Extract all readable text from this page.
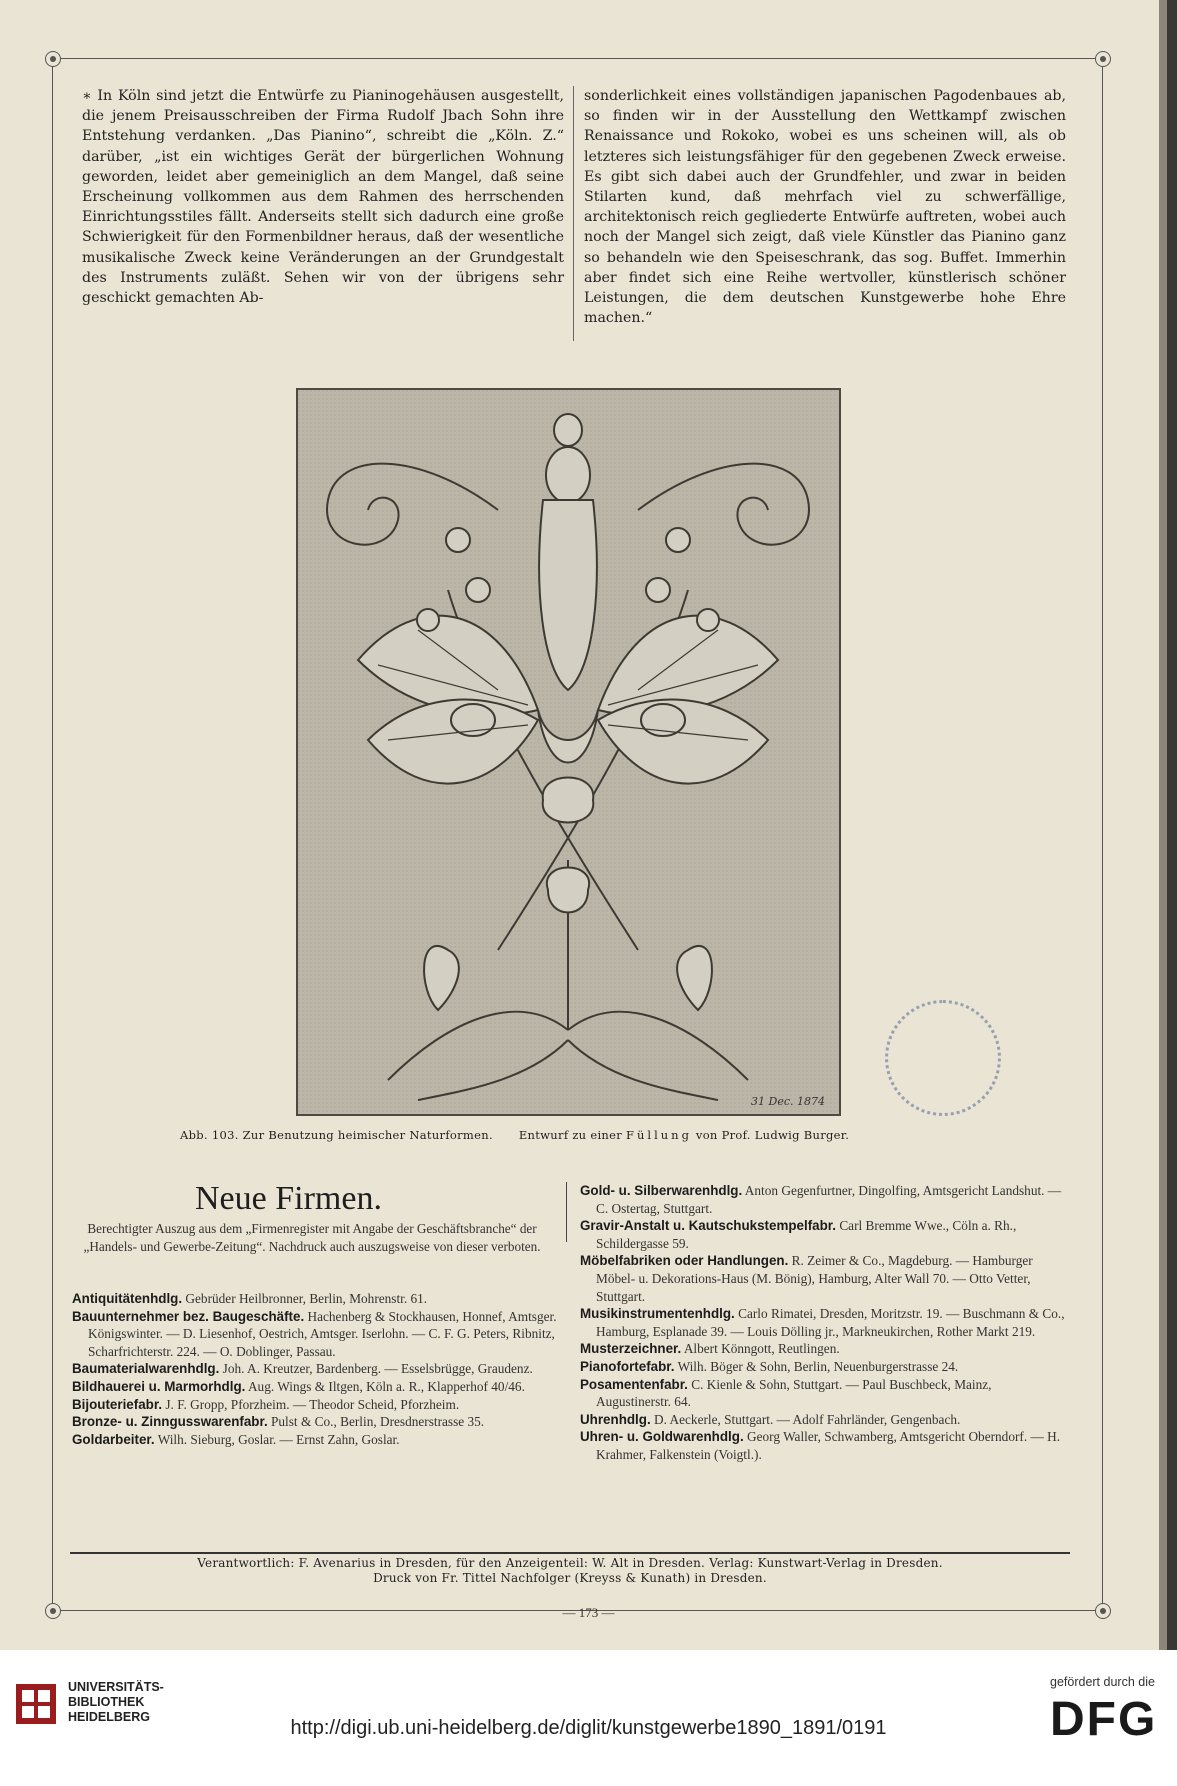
∗ In Köln sind jetzt die Entwürfe zu Pianinogehäusen ausgestellt, die jenem Preisausschreiben der Firma Rudolf Jbach Sohn ihre Entstehung verdanken. „Das Pianino“, schreibt die „Köln. Z.“ darüber, „ist ein wichtiges Gerät der bürgerlichen Wohnung geworden, leidet aber gemeiniglich an dem Mangel, daß seine Erscheinung vollkommen aus dem Rahmen des herrschenden Einrichtungsstiles fällt. Anderseits stellt sich dadurch eine große Schwierigkeit für den Formenbildner heraus, daß der wesentliche musikalische Zweck keine Veränderungen an der Grundgestalt des Instruments zuläßt. Sehen wir von der übrigens sehr geschickt gemachten Ab-
sonderlichkeit eines vollständigen japanischen Pagodenbaues ab, so finden wir in der Ausstellung den Wettkampf zwischen Renaissance und Rokoko, wobei es uns scheinen will, als ob letzteres sich leistungsfähiger für den gegebenen Zweck erweise. Es gibt sich dabei auch der Grundfehler, und zwar in beiden Stilarten kund, daß mehrfach viel zu schwerfällige, architektonisch reich gegliederte Entwürfe auftreten, wobei auch noch der Mangel sich zeigt, daß viele Künstler das Pianino ganz so behandeln wie den Speiseschrank, das sog. Buffet. Immerhin aber findet sich eine Reihe wertvoller, künstlerisch schöner Leistungen, die dem deutschen Kunstgewerbe hohe Ehre machen.“
31 Dec. 1874
Abb. 103. Zur Benutzung heimischer Naturformen. Entwurf zu einer Füllung von Prof. Ludwig Burger.
Neue Firmen.
Berechtigter Auszug aus dem „Firmenregister mit Angabe der Geschäftsbranche“ der „Handels- und Gewerbe-Zeitung“. Nachdruck auch auszugsweise von dieser verboten.

Antiquitätenhdlg. Gebrüder Heilbronner, Berlin, Mohrenstr. 61.

Bauunternehmer bez. Baugeschäfte. Hachenberg & Stockhausen, Honnef, Amtsger. Königswinter. — D. Liesenhof, Oestrich, Amtsger. Iserlohn. — C. F. G. Peters, Ribnitz, Scharfrichterstr. 224. — O. Doblinger, Passau.

Baumaterialwarenhdlg. Joh. A. Kreutzer, Bardenberg. — Esselsbrügge, Graudenz.

Bildhauerei u. Marmorhdlg. Aug. Wings & Iltgen, Köln a. R., Klapperhof 40/46.

Bijouteriefabr. J. F. Gropp, Pforzheim. — Theodor Scheid, Pforzheim.

Bronze- u. Zinngusswarenfabr. Pulst & Co., Berlin, Dresdnerstrasse 35.

Goldarbeiter. Wilh. Sieburg, Goslar. — Ernst Zahn, Goslar.

Gold- u. Silberwarenhdlg. Anton Gegenfurtner, Dingolfing, Amtsgericht Landshut. — C. Ostertag, Stuttgart.

Gravir-Anstalt u. Kautschukstempelfabr. Carl Bremme Wwe., Cöln a. Rh., Schildergasse 59.

Möbelfabriken oder Handlungen. R. Zeimer & Co., Magdeburg. — Hamburger Möbel- u. Dekorations-Haus (M. Bönig), Hamburg, Alter Wall 70. — Otto Vetter, Stuttgart.

Musikinstrumentenhdlg. Carlo Rimatei, Dresden, Moritzstr. 19. — Buschmann & Co., Hamburg, Esplanade 39. — Louis Dölling jr., Markneukirchen, Rother Markt 219.

Musterzeichner. Albert Könngott, Reutlingen.

Pianofortefabr. Wilh. Böger & Sohn, Berlin, Neuenburgerstrasse 24.

Posamentenfabr. C. Kienle & Sohn, Stuttgart. — Paul Buschbeck, Mainz, Augustinerstr. 64.

Uhrenhdlg. D. Aeckerle, Stuttgart. — Adolf Fahrländer, Gengenbach.

Uhren- u. Goldwarenhdlg. Georg Waller, Schwamberg, Amtsgericht Oberndorf. — H. Krahmer, Falkenstein (Voigtl.).

Verantwortlich: F. Avenarius in Dresden, für den Anzeigenteil: W. Alt in Dresden. Verlag: Kunstwart-Verlag in Dresden.
Druck von Fr. Tittel Nachfolger (Kreyss & Kunath) in Dresden.
— 173 —
UNIVERSITÄTS-
BIBLIOTHEK
HEIDELBERG	http://digi.ub.uni-heidelberg.de/diglit/kunstgewerbe1890_1891/0191
gefördert durch die
DFG
